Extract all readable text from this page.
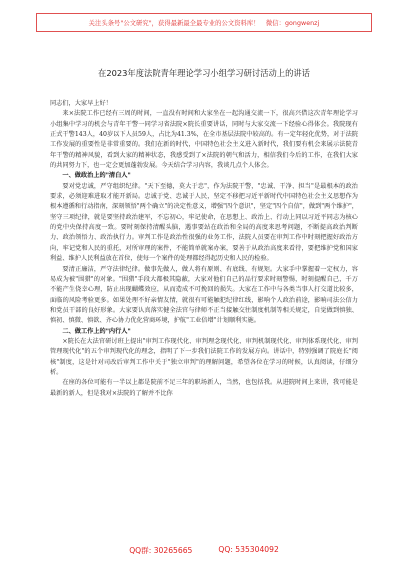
关注头条号"公文研究"，获得最新最全最专业的公文资料库！　微信：gongwenzj
在2023年度法院青年理论学习小组学习研讨活动上的讲话

同志们，大家早上好！

来×法院工作已经有三周的时间，一直没有时间和大家坐在一起沟通交流一下，很高兴借这次青年理论学习小组集中学习的机会与青年干警一同学习省法院×院长重要讲话，同时与大家交流一下经验心得体会。我院现有正式干警143人，40岁以下人员59人，占比为41.3%，在全市基层法院中较高的。有一定年轻化优势，对于法院工作发展的重要性是非常重要的。我们在新的时代，中国特色社会主义进入新时代，我们要有机会来展示法院青年干警的精神风貌，看到大家的精神状态，我感受到了×法院的朝气和活力，相信我们今后的工作，在我们大家的共同努力下，也一定会更加蓬勃发展。今天结合学习内容，我谈几点个人体会。

一、做政治上的"清白人"

要对党忠诚，严守组织纪律。"天下至德，莫大于忠"，作为法院干警，"忠诚、干净、担当"是最根本的政治要求，必须迎难进取才能开新局。忠诚于党、忠诚于人民，坚定不移把习近平新时代中国特色社会主义思想作为根本遵循和行动指南，深刻领悟"两个确立"的决定性意义，增强"四个意识"，坚定"四个自信"，做到"两个维护"，坚守三项纪律，就是要坚持政治建军，不忘初心，牢记使命，在思想上、政治上、行动上同以习近平同志为核心的党中央保持高度一致。要时刻保持清醒头脑，遇事要站在政治和全局的高度来思考问题，不断提高政治判断力、政治领悟力、政治执行力。审判工作是政治性很强的业务工作，法院人员要在审判工作中时刻把握好政治方向，牢记党和人民的重托，对所审理的案件，不能简单就案办案，要善于从政治高度来看待，要把维护党和国家利益、维护人民利益放在首位，使每一个案件的处理都经得起历史和人民的检验。

要清正廉洁，严守法律纪律。做事先做人，做人将有原则、有底线、有规矩。大家手中掌握着一定权力，容易成为被"围猎"的对象。"围猎"手段大都极其隐蔽，大家对他们自己的品行要求时刻警惕，时刻提醒自己，千万不能产生侥幸心理，防止出现蝴蝶效应，从而造成不可挽回的损失。大家在工作中与各类当事人打交道比较多，面临的风险考验更多。如果处理不好亲情友情，就很有可能触犯纪律红线，影响个人政治前途，影响司法公信力和党员干部的良好形象。大家要认真落实健全法官与律师不正当接触交往制度机制等相关规定，自觉做到慎独、慎初、慎微、慎欲、齐心协力优化营商环境，护航"工业倍增"计划顺利实施。

二、做工作上的"内行人"

×院长在大法官研讨班上提出"审判工作现代化、审判理念现代化、审判机制现代化、审判体系现代化、审判管理现代化"的五个审判现代化的理念，指明了下一步我们法院工作的发展方向。讲话中，特别强调了院庭长"阅核"制度，这是针对司改后审判工作中关于"独立审判"的理解问题，希望各位在学习的时候，认真阅读，仔细分析。

在座的各位可能有一半以上都是院前不足三年的职场新人，当然，也包括我。从进院时间上来讲，我可能是最新的新人，但是我对×法院的了解并不比你

QQ群: 30265665	QQ: 535304092
